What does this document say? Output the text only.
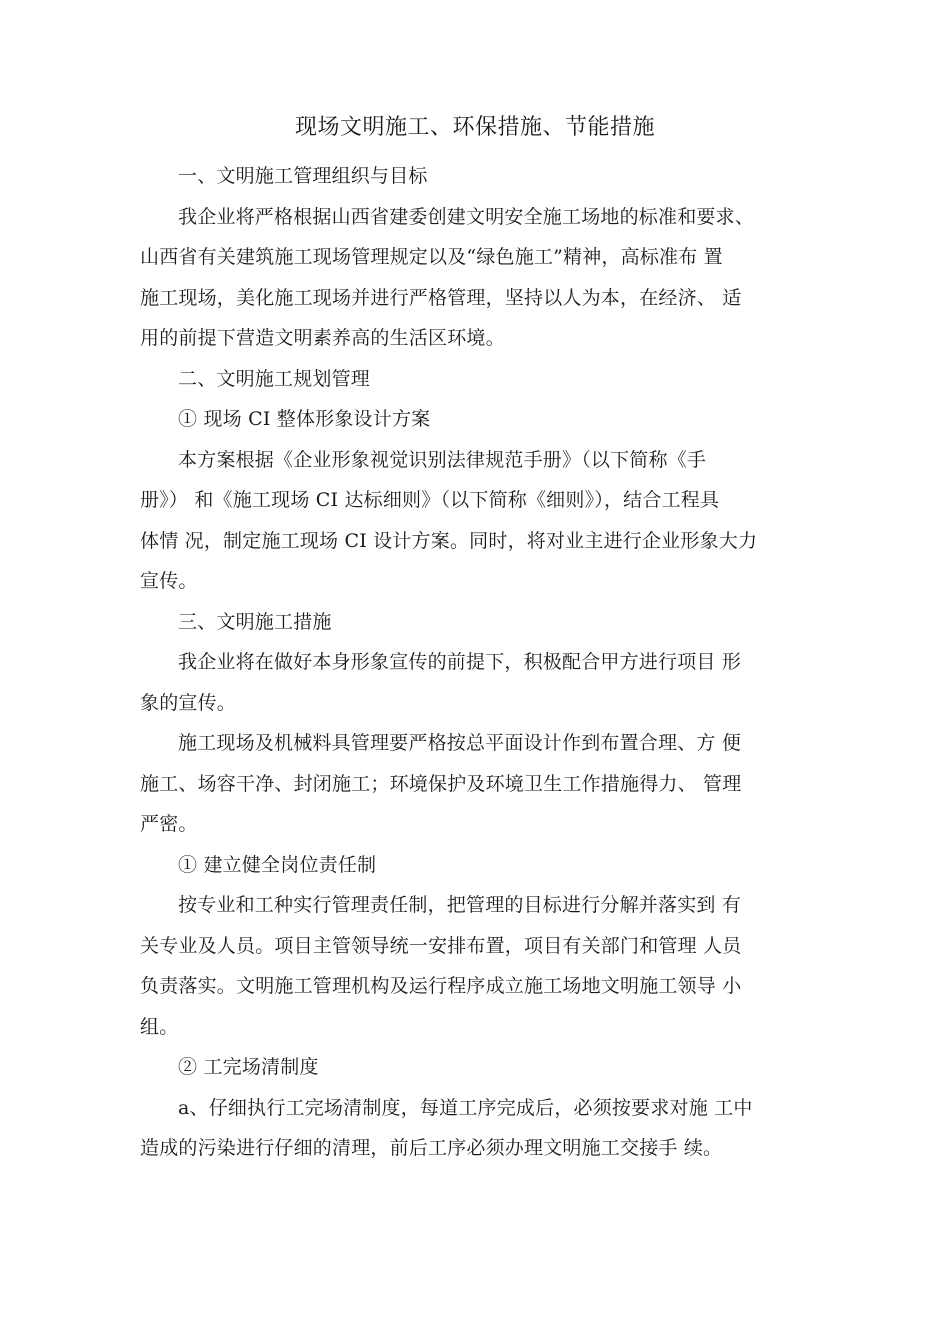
现场文明施工、环保措施、节能措施

一、文明施工管理组织与目标

我企业将严格根据山西省建委创建文明安全施工场地的标准和要求、
山西省有关建筑施工现场管理规定以及“绿色施工”精神，高标准布 置
施工现场，美化施工现场并进行严格管理，坚持以人为本，在经济、 适
用的前提下营造文明素养高的生活区环境。

二、文明施工规划管理

① 现场 CI 整体形象设计方案

本方案根据《企业形象视觉识别法律规范手册》（以下简称《手
册》） 和《施工现场 CI 达标细则》（以下简称《细则》），结合工程具
体情 况，制定施工现场 CI 设计方案。同时，将对业主进行企业形象大力
宣传。

三、文明施工措施

我企业将在做好本身形象宣传的前提下，积极配合甲方进行项目 形
象的宣传。
施工现场及机械料具管理要严格按总平面设计作到布置合理、方 便
施工、场容干净、封闭施工；环境保护及环境卫生工作措施得力、 管理
严密。

① 建立健全岗位责任制

按专业和工种实行管理责任制，把管理的目标进行分解并落实到 有
关专业及人员。项目主管领导统一安排布置，项目有关部门和管理 人员
负责落实。文明施工管理机构及运行程序成立施工场地文明施工领导 小
组。

② 工完场清制度

a、仔细执行工完场清制度，每道工序完成后，必须按要求对施 工中
造成的污染进行仔细的清理，前后工序必须办理文明施工交接手 续。
